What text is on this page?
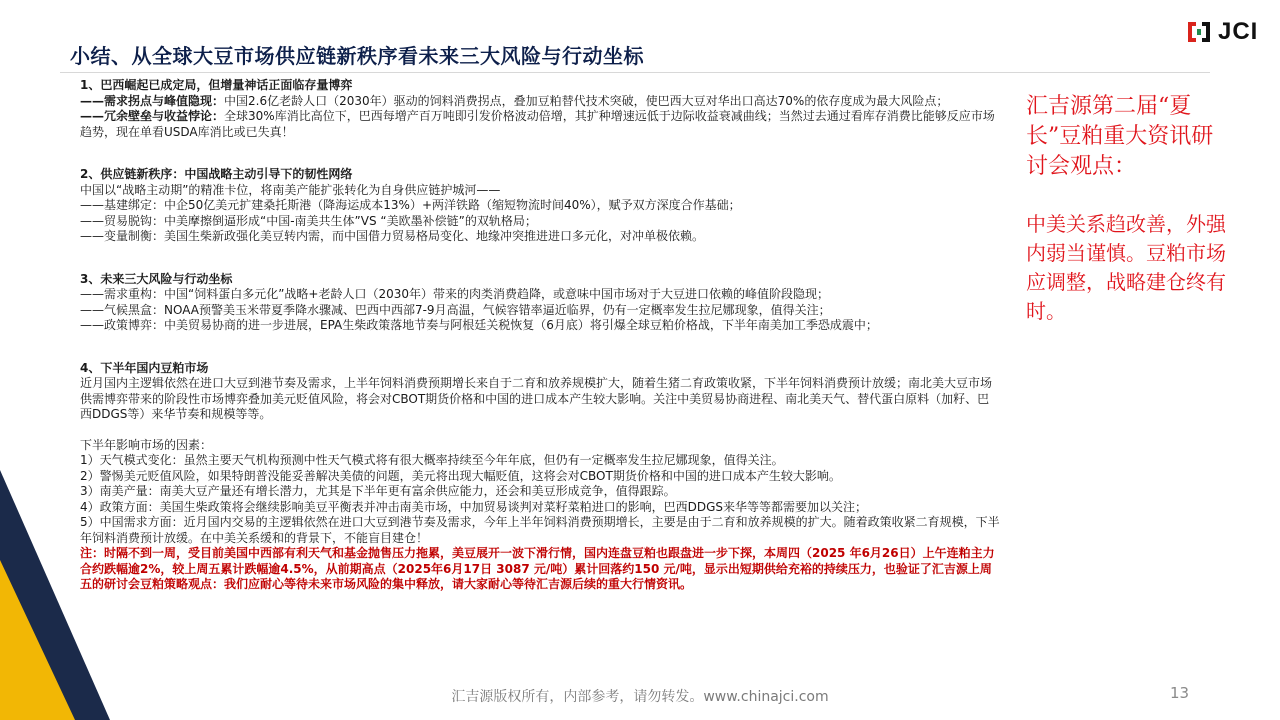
小结、从全球大豆市场供应链新秩序看未来三大风险与行动坐标
JCI

1、巴西崛起已成定局，但增量神话正面临存量博弈

——需求拐点与峰值隐现：中国2.6亿老龄人口（2030年）驱动的饲料消费拐点，叠加豆粕替代技术突破，使巴西大豆对华出口高达70%的依存度成为最大风险点；

——冗余壁垒与收益悖论：全球30%库消比高位下，巴西每增产百万吨即引发价格波动倍增，其扩种增速远低于边际收益衰减曲线；当然过去通过看库存消费比能够反应市场趋势，现在单看USDA库消比或已失真！

2、供应链新秩序：中国战略主动引导下的韧性网络

中国以“战略主动期”的精准卡位，将南美产能扩张转化为自身供应链护城河——

——基建绑定：中企50亿美元扩建桑托斯港（降海运成本13%）+两洋铁路（缩短物流时间40%），赋予双方深度合作基础；

——贸易脱钩：中美摩擦倒逼形成“中国-南美共生体”VS “美欧墨补偿链”的双轨格局；

——变量制衡：美国生柴新政强化美豆转内需，而中国借力贸易格局变化、地缘冲突推进进口多元化，对冲单极依赖。

3、未来三大风险与行动坐标

——需求重构：中国“饲料蛋白多元化”战略+老龄人口（2030年）带来的肉类消费趋降，或意味中国市场对于大豆进口依赖的峰值阶段隐现；

——气候黑盒：NOAA预警美玉米带夏季降水骤减、巴西中西部7-9月高温，气候容错率逼近临界，仍有一定概率发生拉尼娜现象，值得关注；

——政策博弈：中美贸易协商的进一步进展，EPA生柴政策落地节奏与阿根廷关税恢复（6月底）将引爆全球豆粕价格战，下半年南美加工季恐成震中；

4、下半年国内豆粕市场

近月国内主逻辑依然在进口大豆到港节奏及需求，上半年饲料消费预期增长来自于二育和放养规模扩大，随着生猪二育政策收紧，下半年饲料消费预计放缓；南北美大豆市场供需博弈带来的阶段性市场博弈叠加美元贬值风险，将会对CBOT期货价格和中国的进口成本产生较大影响。关注中美贸易协商进程、南北美天气、替代蛋白原料（加籽、巴西DDGS等）来华节奏和规模等等。

下半年影响市场的因素：

1）天气模式变化：虽然主要天气机构预测中性天气模式将有很大概率持续至今年年底，但仍有一定概率发生拉尼娜现象，值得关注。

2）警惕美元贬值风险，如果特朗普没能妥善解决美债的问题，美元将出现大幅贬值，这将会对CBOT期货价格和中国的进口成本产生较大影响。

3）南美产量：南美大豆产量还有增长潜力，尤其是下半年更有富余供应能力，还会和美豆形成竞争，值得跟踪。

4）政策方面：美国生柴政策将会继续影响美豆平衡表并冲击南美市场，中加贸易谈判对菜籽菜粕进口的影响，巴西DDGS来华等等都需要加以关注；

5）中国需求方面：近月国内交易的主逻辑依然在进口大豆到港节奏及需求，今年上半年饲料消费预期增长，主要是由于二育和放养规模的扩大。随着政策收紧二育规模，下半年饲料消费预计放缓。在中美关系缓和的背景下，不能盲目建仓！

注：时隔不到一周，受目前美国中西部有利天气和基金抛售压力拖累，美豆展开一波下滑行情，国内连盘豆粕也跟盘进一步下探，本周四（2025 年6月26日）上午连粕主力合约跌幅逾2%，较上周五累计跌幅逾4.5%，从前期高点（2025年6月17日 3087 元/吨）累计回落约150 元/吨，显示出短期供给充裕的持续压力，也验证了汇吉源上周五的研讨会豆粕策略观点：我们应耐心等待未来市场风险的集中释放，请大家耐心等待汇吉源后续的重大行情资讯。

汇吉源第二届“夏长”豆粕重大资讯研讨会观点：
中美关系趋改善，外强内弱当谨慎。豆粕市场应调整，战略建仓终有时。
汇吉源版权所有，内部参考，请勿转发。www.chinajci.com	13
